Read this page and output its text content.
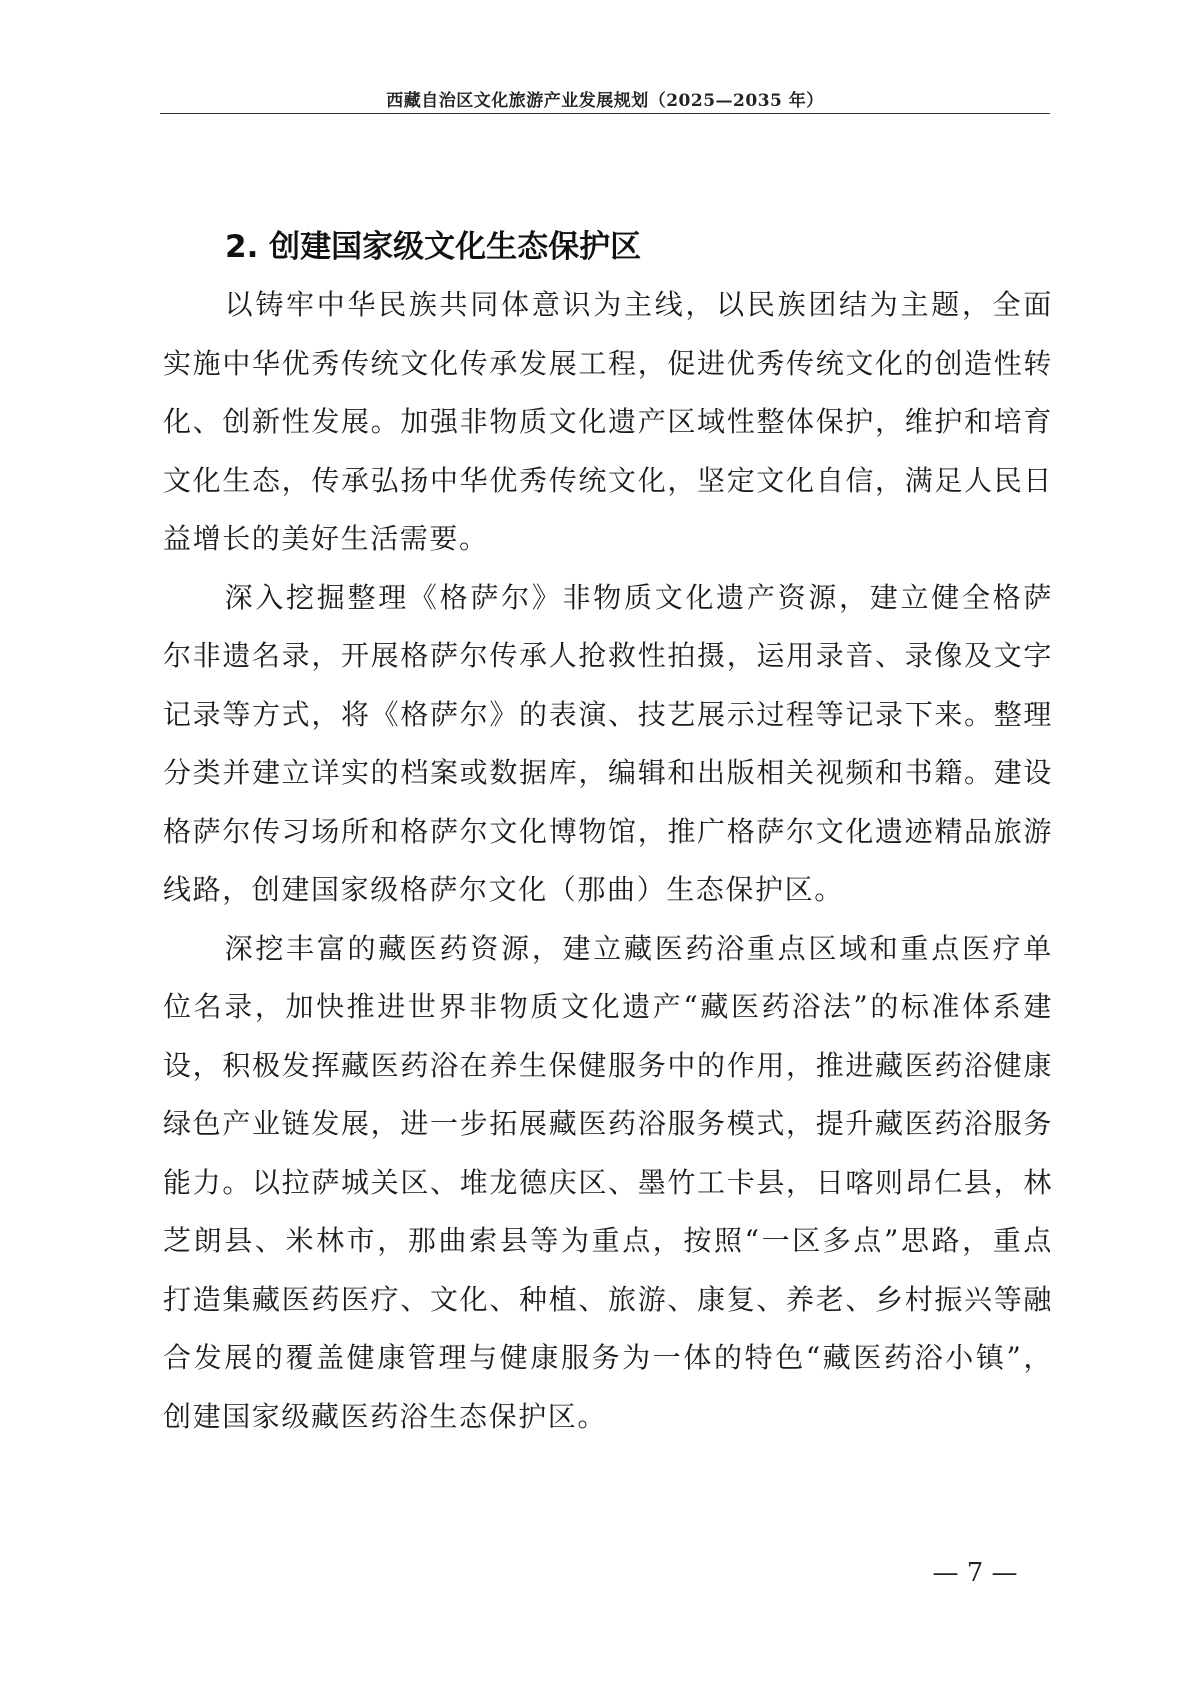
西藏自治区文化旅游产业发展规划（2025—2035 年）
2. 创建国家级文化生态保护区

以铸牢中华民族共同体意识为主线，以民族团结为主题，全面实施中华优秀传统文化传承发展工程，促进优秀传统文化的创造性转化、创新性发展。加强非物质文化遗产区域性整体保护，维护和培育文化生态，传承弘扬中华优秀传统文化，坚定文化自信，满足人民日益增长的美好生活需要。

深入挖掘整理《格萨尔》非物质文化遗产资源，建立健全格萨尔非遗名录，开展格萨尔传承人抢救性拍摄，运用录音、录像及文字记录等方式，将《格萨尔》的表演、技艺展示过程等记录下来。整理分类并建立详实的档案或数据库，编辑和出版相关视频和书籍。建设格萨尔传习场所和格萨尔文化博物馆，推广格萨尔文化遗迹精品旅游线路，创建国家级格萨尔文化（那曲）生态保护区。

深挖丰富的藏医药资源，建立藏医药浴重点区域和重点医疗单位名录，加快推进世界非物质文化遗产“藏医药浴法”的标准体系建设，积极发挥藏医药浴在养生保健服务中的作用，推进藏医药浴健康绿色产业链发展，进一步拓展藏医药浴服务模式，提升藏医药浴服务能力。以拉萨城关区、堆龙德庆区、墨竹工卡县，日喀则昂仁县，林芝朗县、米林市，那曲索县等为重点，按照“一区多点”思路，重点打造集藏医药医疗、文化、种植、旅游、康复、养老、乡村振兴等融合发展的覆盖健康管理与健康服务为一体的特色“藏医药浴小镇”，创建国家级藏医药浴生态保护区。

— 7 —
